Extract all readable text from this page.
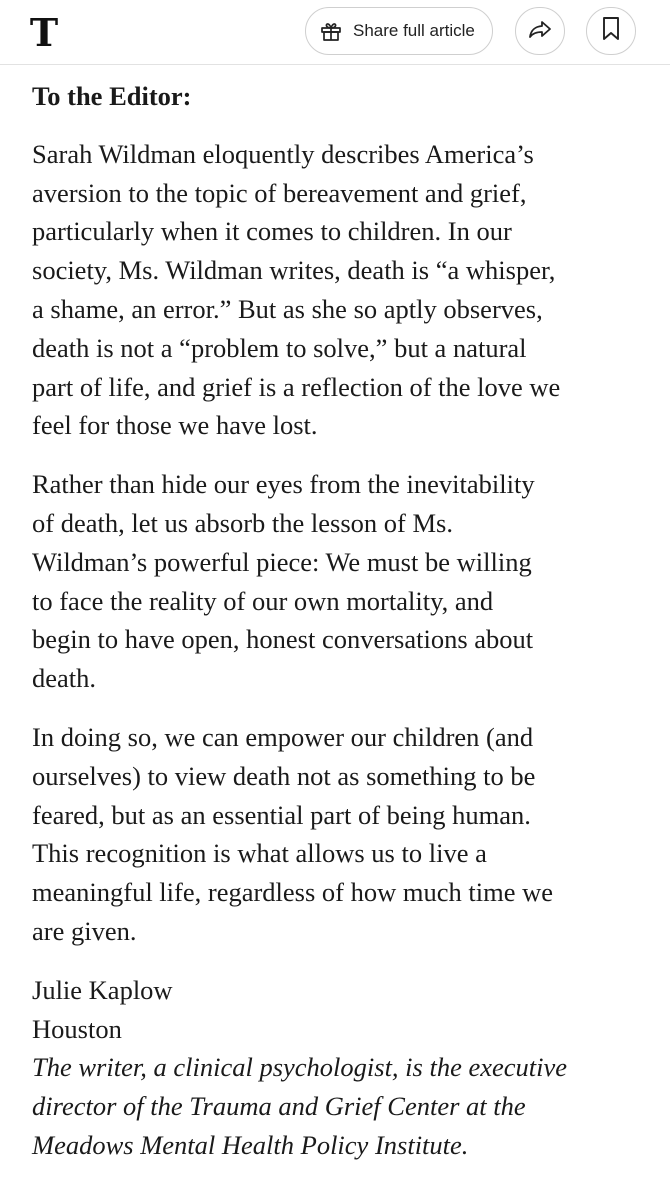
T	Share full article

To the Editor:

Sarah Wildman eloquently describes America’s
aversion to the topic of bereavement and grief,
particularly when it comes to children. In our
society, Ms. Wildman writes, death is “a whisper,
a shame, an error.” But as she so aptly observes,
death is not a “problem to solve,” but a natural
part of life, and grief is a reflection of the love we
feel for those we have lost.

Rather than hide our eyes from the inevitability
of death, let us absorb the lesson of Ms.
Wildman’s powerful piece: We must be willing
to face the reality of our own mortality, and
begin to have open, honest conversations about
death.

In doing so, we can empower our children (and
ourselves) to view death not as something to be
feared, but as an essential part of being human.
This recognition is what allows us to live a
meaningful life, regardless of how much time we
are given.

Julie Kaplow
Houston
The writer, a clinical psychologist, is the executive
director of the Trauma and Grief Center at the
Meadows Mental Health Policy Institute.
